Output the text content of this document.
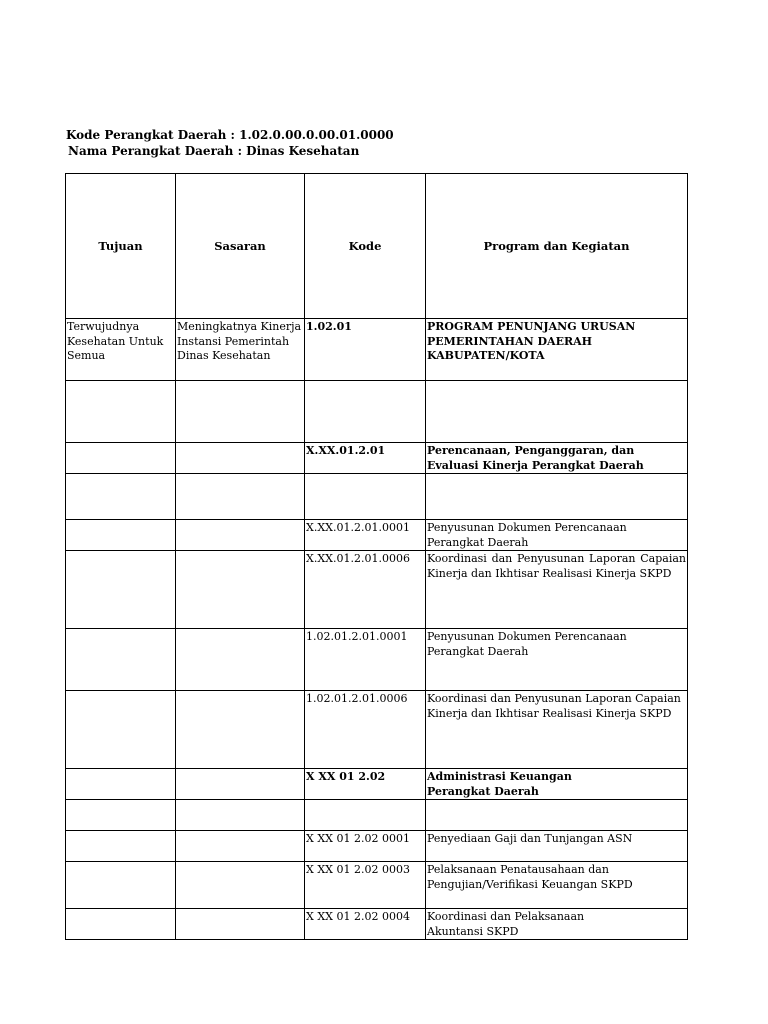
Kode Perangkat Daerah : 1.02.0.00.0.00.01.0000
Nama Perangkat Daerah : Dinas Kesehatan
Tujuan	Sasaran	Kode	Program dan Kegiatan
Terwujudnya Kesehatan Untuk Semua	Meningkatnya Kinerja Instansi Pemerintah Dinas Kesehatan	1.02.01	PROGRAM PENUNJANG URUSAN PEMERINTAHAN DAERAH KABUPATEN/KOTA

		X.XX.01.2.01	Perencanaan, Penganggaran, dan Evaluasi Kinerja Perangkat Daerah

		X.XX.01.2.01.0001	Penyusunan Dokumen Perencanaan Perangkat Daerah
		X.XX.01.2.01.0006	Koordinasi dan Penyusunan Laporan Capaian Kinerja dan Ikhtisar Realisasi Kinerja SKPD
		1.02.01.2.01.0001	Penyusunan Dokumen Perencanaan Perangkat Daerah
		1.02.01.2.01.0006	Koordinasi dan Penyusunan Laporan Capaian Kinerja dan Ikhtisar Realisasi Kinerja SKPD
		X XX 01 2.02	Administrasi Keuangan
Perangkat Daerah

		X XX 01 2.02 0001	Penyediaan Gaji dan Tunjangan ASN
		X XX 01 2.02 0003	Pelaksanaan Penatausahaan dan
Pengujian/Verifikasi Keuangan SKPD

		X XX 01 2.02 0004	Koordinasi dan Pelaksanaan
Akuntansi SKPD
